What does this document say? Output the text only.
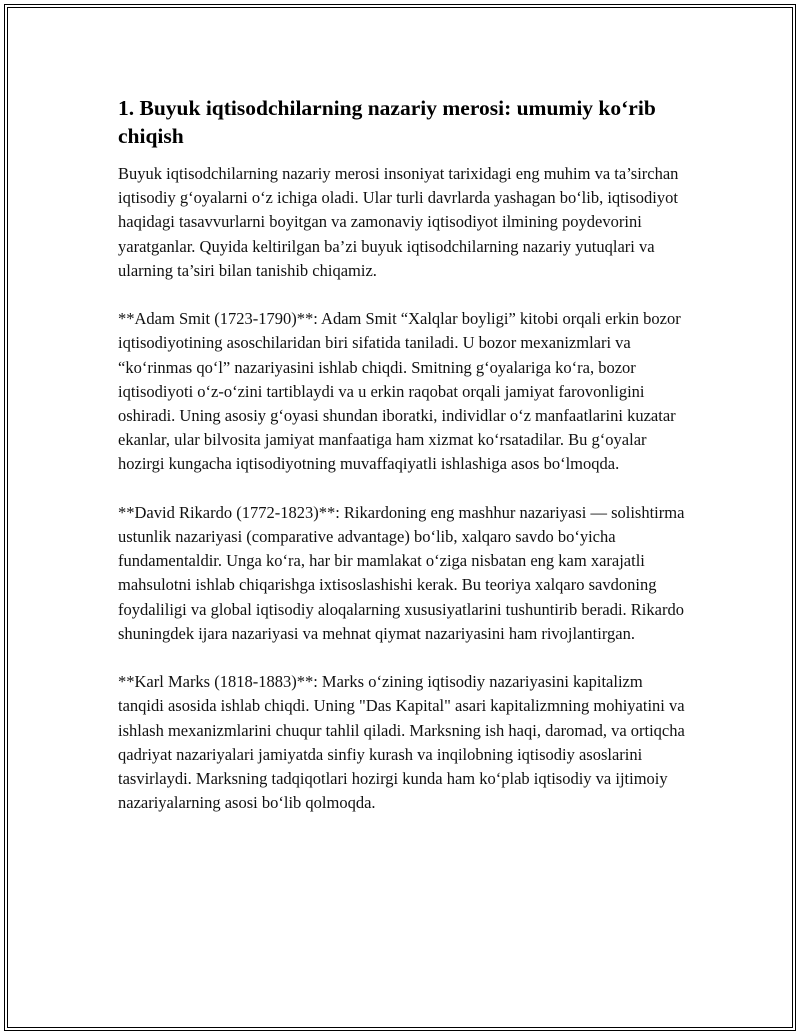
1. Buyuk iqtisodchilarning nazariy merosi: umumiy ko‘rib chiqish

Buyuk iqtisodchilarning nazariy merosi insoniyat tarixidagi eng muhim va ta’sirchan iqtisodiy g‘oyalarni o‘z ichiga oladi. Ular turli davrlarda yashagan bo‘lib, iqtisodiyot haqidagi tasavvurlarni boyitgan va zamonaviy iqtisodiyot ilmining poydevorini yaratganlar. Quyida keltirilgan ba’zi buyuk iqtisodchilarning nazariy yutuqlari va ularning ta’siri bilan tanishib chiqamiz.

**Adam Smit (1723-1790)**: Adam Smit “Xalqlar boyligi” kitobi orqali erkin bozor iqtisodiyotining asoschilaridan biri sifatida taniladi. U bozor mexanizmlari va “ko‘rinmas qo‘l” nazariyasini ishlab chiqdi. Smitning g‘oyalariga ko‘ra, bozor iqtisodiyoti o‘z-o‘zini tartiblaydi va u erkin raqobat orqali jamiyat farovonligini oshiradi. Uning asosiy g‘oyasi shundan iboratki, individlar o‘z manfaatlarini kuzatar ekanlar, ular bilvosita jamiyat manfaatiga ham xizmat ko‘rsatadilar. Bu g‘oyalar hozirgi kungacha iqtisodiyotning muvaffaqiyatli ishlashiga asos bo‘lmoqda.

**David Rikardo (1772-1823)**: Rikardoning eng mashhur nazariyasi — solishtirma ustunlik nazariyasi (comparative advantage) bo‘lib, xalqaro savdo bo‘yicha fundamentaldir. Unga ko‘ra, har bir mamlakat o‘ziga nisbatan eng kam xarajatli mahsulotni ishlab chiqarishga ixtisoslashishi kerak. Bu teoriya xalqaro savdoning foydaliligi va global iqtisodiy aloqalarning xususiyatlarini tushuntirib beradi. Rikardo shuningdek ijara nazariyasi va mehnat qiymat nazariyasini ham rivojlantirgan.

**Karl Marks (1818-1883)**: Marks o‘zining iqtisodiy nazariyasini kapitalizm tanqidi asosida ishlab chiqdi. Uning "Das Kapital" asari kapitalizmning mohiyatini va ishlash mexanizmlarini chuqur tahlil qiladi. Marksning ish haqi, daromad, va ortiqcha qadriyat nazariyalari jamiyatda sinfiy kurash va inqilobning iqtisodiy asoslarini tasvirlaydi. Marksning tadqiqotlari hozirgi kunda ham ko‘plab iqtisodiy va ijtimoiy nazariyalarning asosi bo‘lib qolmoqda.
